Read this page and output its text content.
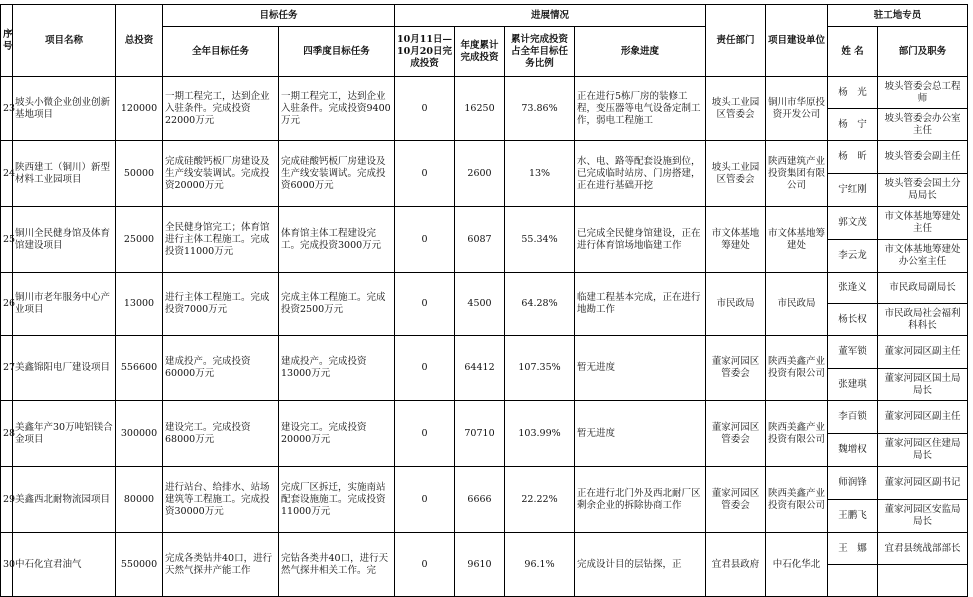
序号	项目名称	总投资	目标任务		进展情况				责任部门	项目建设单位	驻工地专员	
			全年目标任务	四季度目标任务	10月11日—10月20日完成投资	年度累计完成投资	累计完成投资占全年目标任务比例	形象进度			姓 名	部门及职务
23	坡头小微企业创业创新基地项目	120000	一期工程完工，达到企业入驻条件。完成投资22000万元	一期工程完工，达到企业入驻条件。完成投资9400万元	0	16250	73.86%	正在进行5栋厂房的装修工程，变压器等电气设备定制工作，弱电工程施工	坡头工业园区管委会	铜川市华原投资开发公司	杨　光	坡头管委会总工程师
											杨　宁	坡头管委会办公室主任
24	陕西建工（铜川）新型材料工业园项目	50000	完成硅酸钙板厂房建设及生产线安装调试。完成投资20000万元	完成硅酸钙板厂房建设及生产线安装调试。完成投资6000万元	0	2600	13%	水、电、路等配套设施到位，已完成临时站房、门房搭建，正在进行基础开挖	坡头工业园区管委会	陕西建筑产业投资集团有限公司	杨　昕	坡头管委会副主任
											宁红刚	坡头管委会国土分局局长
25	铜川全民健身馆及体育馆建设项目	25000	全民健身馆完工；体育馆进行主体工程施工。完成投资11000万元	体育馆主体工程建设完工。完成投资3000万元	0	6087	55.34%	已完成全民健身馆建设，正在进行体育馆场地临建工作	市文体基地筹建处	市文体基地筹建处	郭文茂	市文体基地筹建处主任
											李云龙	市文体基地筹建处办公室主任
26	铜川市老年服务中心产业项目	13000	进行主体工程施工。完成投资7000万元	完成主体工程施工。完成投资2500万元	0	4500	64.28%	临建工程基本完成，正在进行地勘工作	市民政局	市民政局	张逢义	市民政局副局长
											杨长权	市民政局社会福利科科长
27	美鑫锦阳电厂建设项目	556600	建成投产。完成投资60000万元	建成投产。完成投资13000万元	0	64412	107.35%	暂无进度	董家河园区管委会	陕西美鑫产业投资有限公司	董军锁	董家河园区副主任
											张建琪	董家河园区国土局局长
28	美鑫年产30万吨铝镁合金项目	300000	建设完工。完成投资68000万元	建设完工。完成投资20000万元	0	70710	103.99%	暂无进度	董家河园区管委会	陕西美鑫产业投资有限公司	李百锁	董家河园区副主任
											魏增权	董家河园区住建局局长
29	美鑫西北耐物流园项目	80000	进行站台、给排水、站场建筑等工程施工。完成投资30000万元	完成厂区拆迁，实施南站配套设施施工。完成投资11000万元	0	6666	22.22%	正在进行北门外及西北耐厂区剩余企业的拆除协商工作	董家河园区管委会	陕西美鑫产业投资有限公司	师润锋	董家河园区副书记
											王鹏飞	董家河园区安监局局长
30	中石化宜君油气	550000	完成各类钻井40口，进行天然气探井产能工作	完钻各类井40口，进行天然气探井相关工作。完	0	9610	96.1%	完成设计目的层钻探，正	宜君县政府	中石化华北	王　娜	宜君县统战部部长
